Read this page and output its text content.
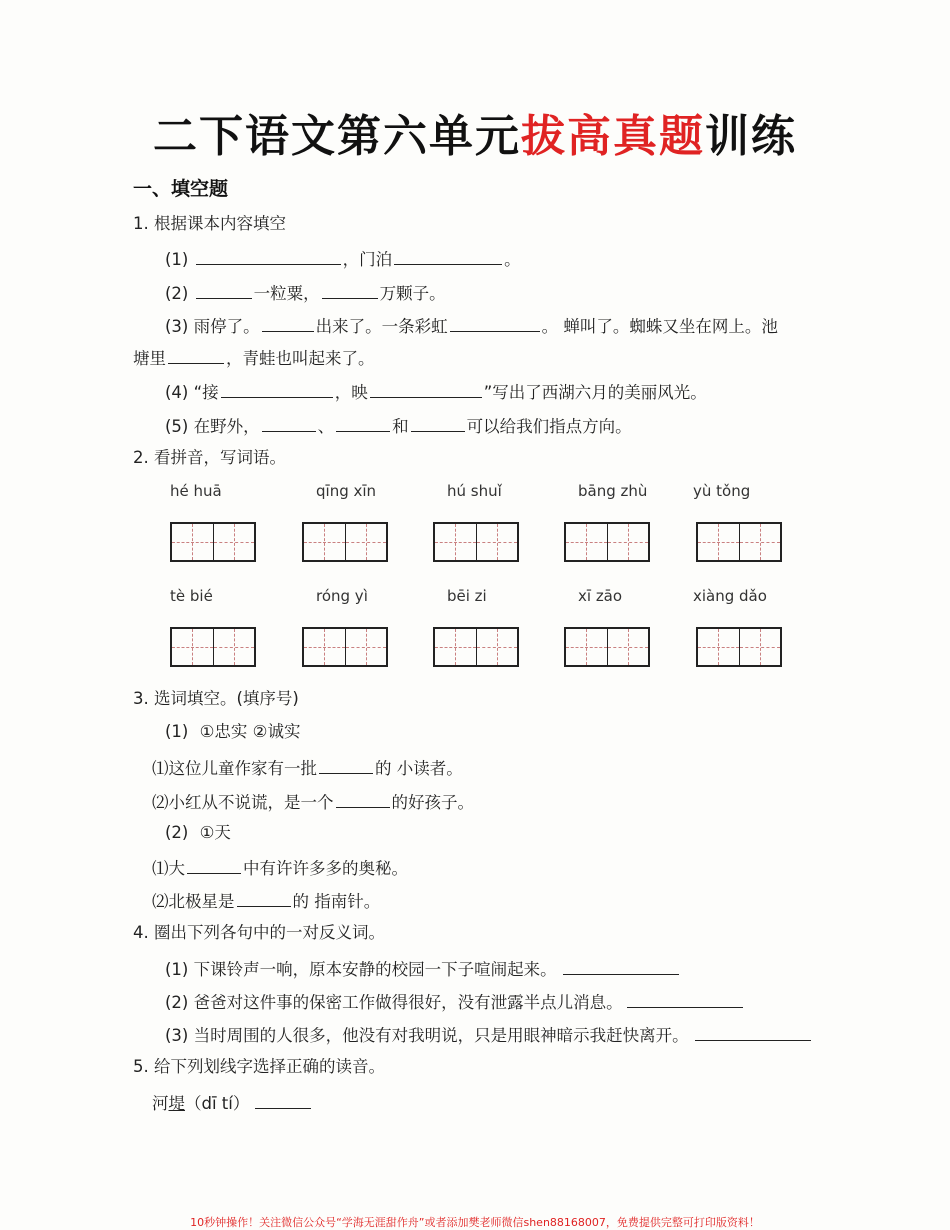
二下语文第六单元拔高真题训练
一、填空题
1. 根据课本内容填空
(1)	，门泊	。
(2)	一粒粟，	万颗子。
(3) 雨停了。	出来了。一条彩虹	。 蝉叫了。蜘蛛又坐在网上。池
塘里	，青蛙也叫起来了。
(4) “接	，映	”写出了西湖六月的美丽风光。
(5) 在野外，	、	和	可以给我们指点方向。
2. 看拼音，写词语。
hé huā	qīng xīn	hú shuǐ	bāng zhù	yù tǒng
tè bié	róng yì	bēi zi	xī zāo	xiàng dǎo
3. 选词填空。(填序号)
(1) ①忠实 ②诚实
⑴这位儿童作家有一批	的 小读者。
⑵小红从不说谎，是一个	的好孩子。
(2) ①天
⑴大	中有许许多多的奥秘。
⑵北极星是	的 指南针。
4. 圈出下列各句中的一对反义词。
(1) 下课铃声一响，原本安静的校园一下子喧闹起来。
(2) 爸爸对这件事的保密工作做得很好，没有泄露半点儿消息。
(3) 当时周围的人很多，他没有对我明说，只是用眼神暗示我赶快离开。
5. 给下列划线字选择正确的读音。
河堤（dī tí）
10秒钟操作！关注微信公众号“学海无涯甜作舟”或者添加樊老师微信shen88168007，免费提供完整可打印版资料！
